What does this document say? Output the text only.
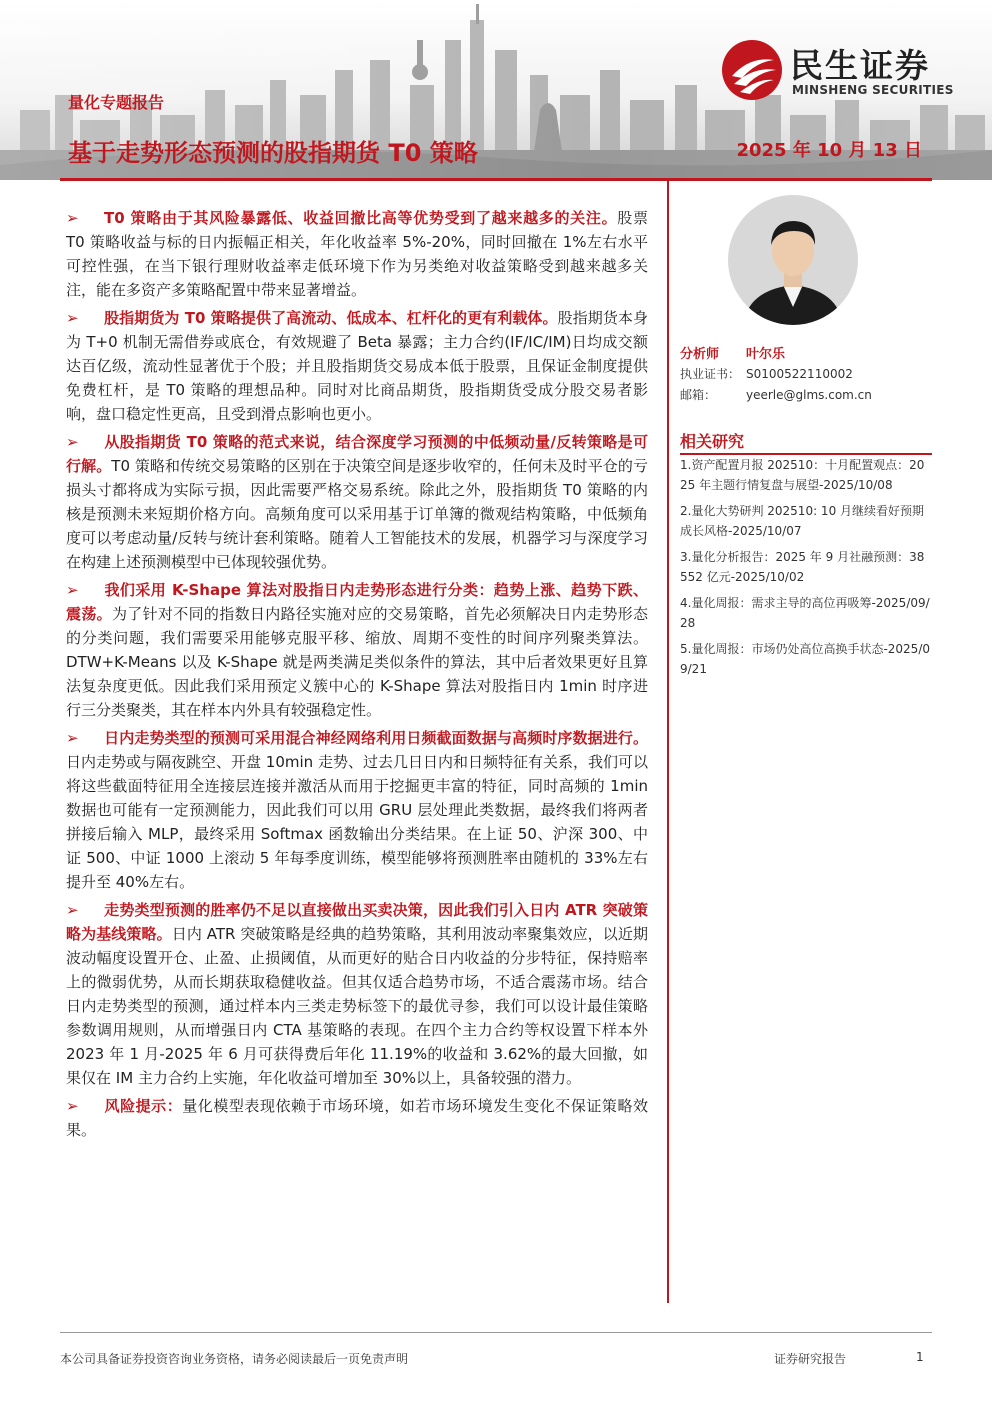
民生证券
MINSHENG SECURITIES
量化专题报告
基于走势形态预测的股指期货 T0 策略	2025 年 10 月 13 日

➢ T0 策略由于其风险暴露低、收益回撤比高等优势受到了越来越多的关注。股票 T0 策略收益与标的日内振幅正相关，年化收益率 5%-20%，同时回撤在 1%左右水平可控性强，在当下银行理财收益率走低环境下作为另类绝对收益策略受到越来越多关注，能在多资产多策略配置中带来显著增益。

➢ 股指期货为 T0 策略提供了高流动、低成本、杠杆化的更有利载体。股指期货本身为 T+0 机制无需借券或底仓，有效规避了 Beta 暴露；主力合约(IF/IC/IM)日均成交额达百亿级，流动性显著优于个股；并且股指期货交易成本低于股票，且保证金制度提供免费杠杆，是 T0 策略的理想品种。同时对比商品期货，股指期货受成分股交易者影响，盘口稳定性更高，且受到滑点影响也更小。

➢ 从股指期货 T0 策略的范式来说，结合深度学习预测的中低频动量/反转策略是可行解。T0 策略和传统交易策略的区别在于决策空间是逐步收窄的，任何未及时平仓的亏损头寸都将成为实际亏损，因此需要严格交易系统。除此之外，股指期货 T0 策略的内核是预测未来短期价格方向。高频角度可以采用基于订单簿的微观结构策略，中低频角度可以考虑动量/反转与统计套利策略。随着人工智能技术的发展，机器学习与深度学习在构建上述预测模型中已体现较强优势。

➢ 我们采用 K-Shape 算法对股指日内走势形态进行分类：趋势上涨、趋势下跌、震荡。为了针对不同的指数日内路径实施对应的交易策略，首先必须解决日内走势形态的分类问题，我们需要采用能够克服平移、缩放、周期不变性的时间序列聚类算法。DTW+K-Means 以及 K-Shape 就是两类满足类似条件的算法，其中后者效果更好且算法复杂度更低。因此我们采用预定义簇中心的 K-Shape 算法对股指日内 1min 时序进行三分类聚类，其在样本内外具有较强稳定性。

➢ 日内走势类型的预测可采用混合神经网络利用日频截面数据与高频时序数据进行。日内走势或与隔夜跳空、开盘 10min 走势、过去几日日内和日频特征有关系，我们可以将这些截面特征用全连接层连接并激活从而用于挖掘更丰富的特征，同时高频的 1min 数据也可能有一定预测能力，因此我们可以用 GRU 层处理此类数据，最终我们将两者拼接后输入 MLP，最终采用 Softmax 函数输出分类结果。在上证 50、沪深 300、中证 500、中证 1000 上滚动 5 年每季度训练，模型能够将预测胜率由随机的 33%左右提升至 40%左右。

➢ 走势类型预测的胜率仍不足以直接做出买卖决策，因此我们引入日内 ATR 突破策略为基线策略。日内 ATR 突破策略是经典的趋势策略，其利用波动率聚集效应，以近期波动幅度设置开仓、止盈、止损阈值，从而更好的贴合日内收益的分步特征，保持赔率上的微弱优势，从而长期获取稳健收益。但其仅适合趋势市场，不适合震荡市场。结合日内走势类型的预测，通过样本内三类走势标签下的最优寻参，我们可以设计最佳策略参数调用规则，从而增强日内 CTA 基策略的表现。在四个主力合约等权设置下样本外 2023 年 1 月-2025 年 6 月可获得费后年化 11.19%的收益和 3.62%的最大回撤，如果仅在 IM 主力合约上实施，年化收益可增加至 30%以上，具备较强的潜力。

➢ 风险提示：量化模型表现依赖于市场环境，如若市场环境发生变化不保证策略效果。

分析师 叶尔乐
执业证书： S0100522110002
邮箱： yeerle@glms.com.cn
相关研究
1.资产配置月报 202510：十月配置观点：2025 年主题行情复盘与展望-2025/10/08
2.量化大势研判 202510: 10 月继续看好预期成长风格-2025/10/07
3.量化分析报告：2025 年 9 月社融预测：38552 亿元-2025/10/02
4.量化周报：需求主导的高位再吸筹-2025/09/28
5.量化周报：市场仍处高位高换手状态-2025/09/21
本公司具备证券投资咨询业务资格，请务必阅读最后一页免责声明	证券研究报告	1
